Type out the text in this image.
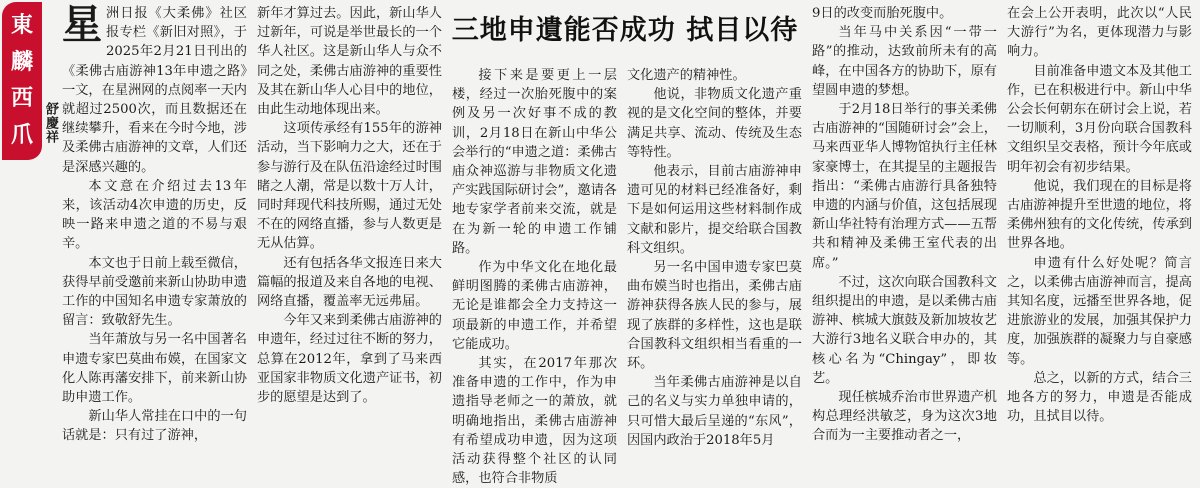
東
麟
西
爪 舒慶祥

星洲日报《大柔佛》社区报专栏《新旧对照》，于2025年2月21日刊出的《柔佛古庙游神13年申遗之路》一文，在星洲网的点阅率一天内就超过2500次，而且数据还在继续攀升，看来在今时今地，涉及柔佛古庙游神的文章，人们还是深感兴趣的。

本文意在介绍过去13年来，该活动4次申遗的历史，反映一路来申遗之道的不易与艰辛。

本文也于日前上载至微信，获得早前受邀前来新山协助申遗工作的中国知名申遗专家萧放的留言：致敬舒先生。

当年萧放与另一名中国著名申遗专家巴莫曲布嫫，在国家文化人陈再藩安排下，前来新山协助申遗工作。

新山华人常挂在口中的一句话就是：只有过了游神，

新年才算过去。因此，新山华人过新年，可说是举世最长的一个华人社区。这是新山华人与众不同之处，柔佛古庙游神的重要性及其在新山华人心目中的地位，由此生动地体现出来。

这项传承经有155年的游神活动，当下影响力之大，还在于参与游行及在队伍沿途经过时围睹之人潮，常是以数十万人计，同时拜现代科技所赐，通过无处不在的网络直播，参与人数更是无从估算。

还有包括各华文报连日来大篇幅的报道及来自各地的电视、网络直播，覆盖率无远弗届。

今年又来到柔佛古庙游神的申遗年，经过过往不断的努力，总算在2012年，拿到了马来西亚国家非物质文化遗产证书，初步的愿望是达到了。

三地申遺能否成功 拭目以待

接下来是要更上一层楼，经过一次胎死腹中的案例及另一次好事不成的教训，2月18日在新山中华公会举行的“申遗之道：柔佛古庙众神巡游与非物质文化遗产实践国际研讨会”，邀请各地专家学者前来交流，就是在为新一轮的申遗工作铺路。

作为中华文化在地化最鲜明图腾的柔佛古庙游神，无论是谁都会全力支持这一项最新的申遗工作，并希望它能成功。

其实，在2017年那次准备申遗的工作中，作为申遗指导老师之一的萧放，就明确地指出，柔佛古庙游神有希望成功申遗，因为这项活动获得整个社区的认同感，也符合非物质

文化遗产的精神性。

他说，非物质文化遗产重视的是文化空间的整体，并要满足共享、流动、传统及生态等特性。

他表示，目前古庙游神申遗可见的材料已经准备好，剩下是如何运用这些材料制作成文献和影片，提交给联合国教科文组织。

另一名中国申遗专家巴莫曲布嫫当时也指出，柔佛古庙游神获得各族人民的参与，展现了族群的多样性，这也是联合国教科文组织相当看重的一环。

当年柔佛古庙游神是以自己的名义与实力单独申请的，只可惜大最后呈递的“东风”，因国内政治于2018年5月

9日的改变而胎死腹中。

当年马中关系因“一带一路”的推动，达致前所未有的高峰，在中国各方的协助下，原有望圆申遗的梦想。

于2月18日举行的事关柔佛古庙游神的“国随研讨会”会上，马来西亚华人博物馆执行主任林家豪博士，在其提呈的主题报告指出：“柔佛古庙游行具备独特申遗的内涵与价值，这包括展现新山华社特有治理方式——五帮共和精神及柔佛王室代表的出席。”

不过，这次向联合国教科文组织提出的申遗，是以柔佛古庙游神、槟城大旗鼓及新加坡妆艺大游行3地名义联合申办的，其核心名为“Chingay”，即妆艺。

现任槟城乔治市世界遗产机构总理经洪敏芝，身为这次3地合而为一主要推动者之一，

在会上公开表明，此次以“人民大游行”为名，更体现潜力与影响力。

目前准备申遗文本及其他工作，已在积极进行中。新山中华公会长何朝东在研讨会上说，若一切顺利，3月份向联合国教科文组织呈交表格，预计今年底或明年初会有初步结果。

他说，我们现在的目标是将古庙游神提升至世遗的地位，将柔佛州独有的文化传统，传承到世界各地。

申遗有什么好处呢？简言之，以柔佛古庙游神而言，提高其知名度，远播至世界各地，促进旅游业的发展，加强其保护力度，加强族群的凝聚力与自豪感等。

总之，以新的方式，结合三地各方的努力，申遗是否能成功，且拭目以待。
